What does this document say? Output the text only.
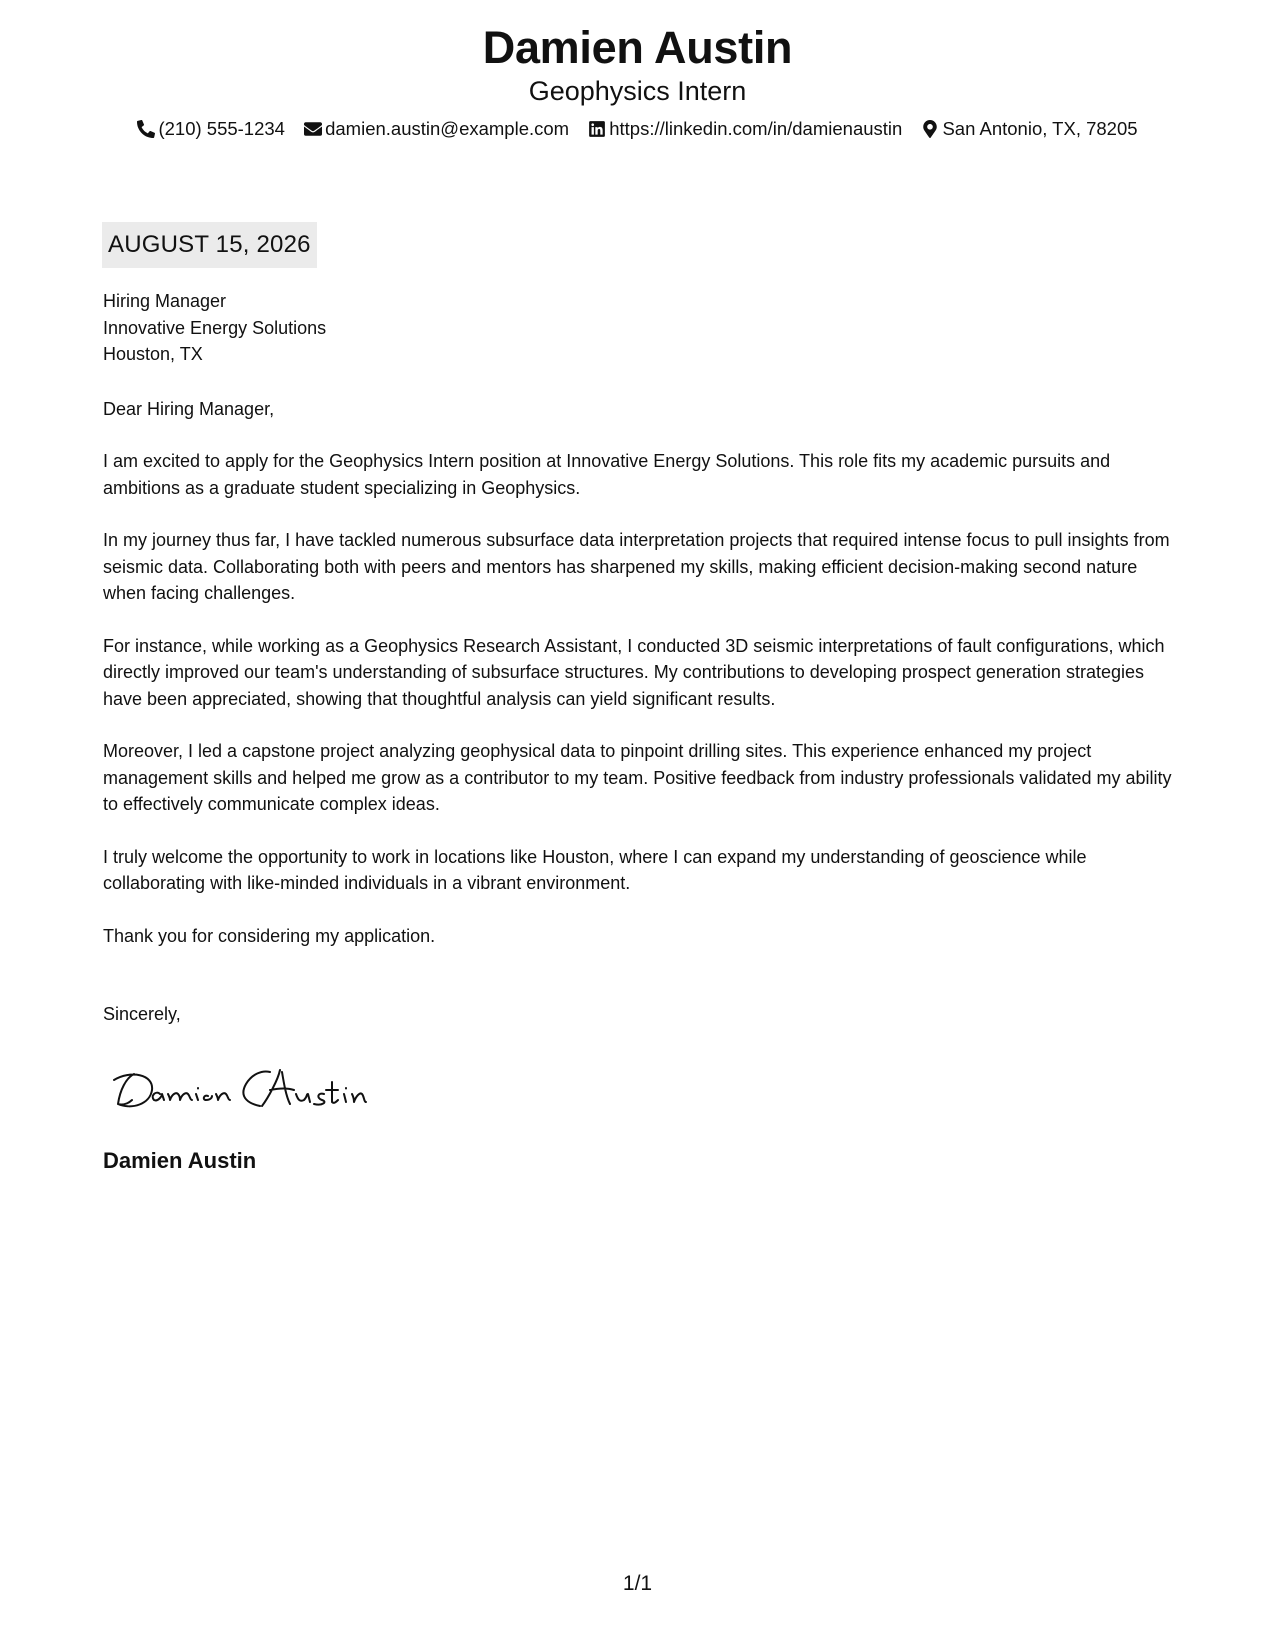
Damien Austin
Geophysics Intern
(210) 555-1234
damien.austin@example.com
https://linkedin.com/in/damienaustin
San Antonio, TX, 78205
AUGUST 15, 2026
Hiring Manager
Innovative Energy Solutions
Houston, TX
Dear Hiring Manager,
I am excited to apply for the Geophysics Intern position at Innovative Energy Solutions. This role fits my academic pursuits and ambitions as a graduate student specializing in Geophysics.
In my journey thus far, I have tackled numerous subsurface data interpretation projects that required intense focus to pull insights from seismic data. Collaborating both with peers and mentors has sharpened my skills, making efficient decision-making second nature when facing challenges.
For instance, while working as a Geophysics Research Assistant, I conducted 3D seismic interpretations of fault configurations, which directly improved our team's understanding of subsurface structures. My contributions to developing prospect generation strategies have been appreciated, showing that thoughtful analysis can yield significant results.
Moreover, I led a capstone project analyzing geophysical data to pinpoint drilling sites. This experience enhanced my project management skills and helped me grow as a contributor to my team. Positive feedback from industry professionals validated my ability to effectively communicate complex ideas.
I truly welcome the opportunity to work in locations like Houston, where I can expand my understanding of geoscience while collaborating with like-minded individuals in a vibrant environment.
Thank you for considering my application.
Sincerely,
Damien Austin
1/1
